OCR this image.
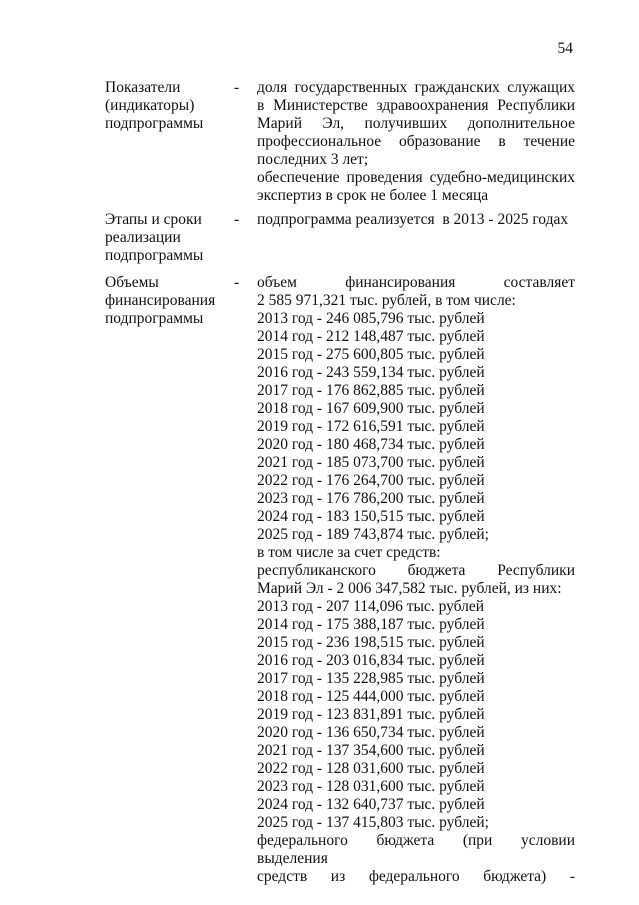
54
Показатели
(индикаторы)
подпрограммы
- доля государственных гражданских служащих
в Министерстве здравоохранения Республики
Марий Эл, получивших дополнительное
профессиональное образование в течение
последних 3 лет;
обеспечение проведения судебно-медицинских
экспертиз в срок не более 1 месяца
Этапы и сроки
реализации
подпрограммы
- подпрограмма реализуется  в 2013 - 2025 годах
Объемы
финансирования
подпрограммы
- объем финансирования составляет
2 585 971,321 тыс. рублей, в том числе:
2013 год - 246 085,796 тыс. рублей
2014 год - 212 148,487 тыс. рублей
2015 год - 275 600,805 тыс. рублей
2016 год - 243 559,134 тыс. рублей
2017 год - 176 862,885 тыс. рублей
2018 год - 167 609,900 тыс. рублей
2019 год - 172 616,591 тыс. рублей
2020 год - 180 468,734 тыс. рублей
2021 год - 185 073,700 тыс. рублей
2022 год - 176 264,700 тыс. рублей
2023 год - 176 786,200 тыс. рублей
2024 год - 183 150,515 тыс. рублей
2025 год - 189 743,874 тыс. рублей;
в том числе за счет средств:
республиканского бюджета Республики
Марий Эл - 2 006 347,582 тыс. рублей, из них:
2013 год - 207 114,096 тыс. рублей
2014 год - 175 388,187 тыс. рублей
2015 год - 236 198,515 тыс. рублей
2016 год - 203 016,834 тыс. рублей
2017 год - 135 228,985 тыс. рублей
2018 год - 125 444,000 тыс. рублей
2019 год - 123 831,891 тыс. рублей
2020 год - 136 650,734 тыс. рублей
2021 год - 137 354,600 тыс. рублей
2022 год - 128 031,600 тыс. рублей
2023 год - 128 031,600 тыс. рублей
2024 год - 132 640,737 тыс. рублей
2025 год - 137 415,803 тыс. рублей;
федерального бюджета (при условии выделения
средств из федерального бюджета) -
